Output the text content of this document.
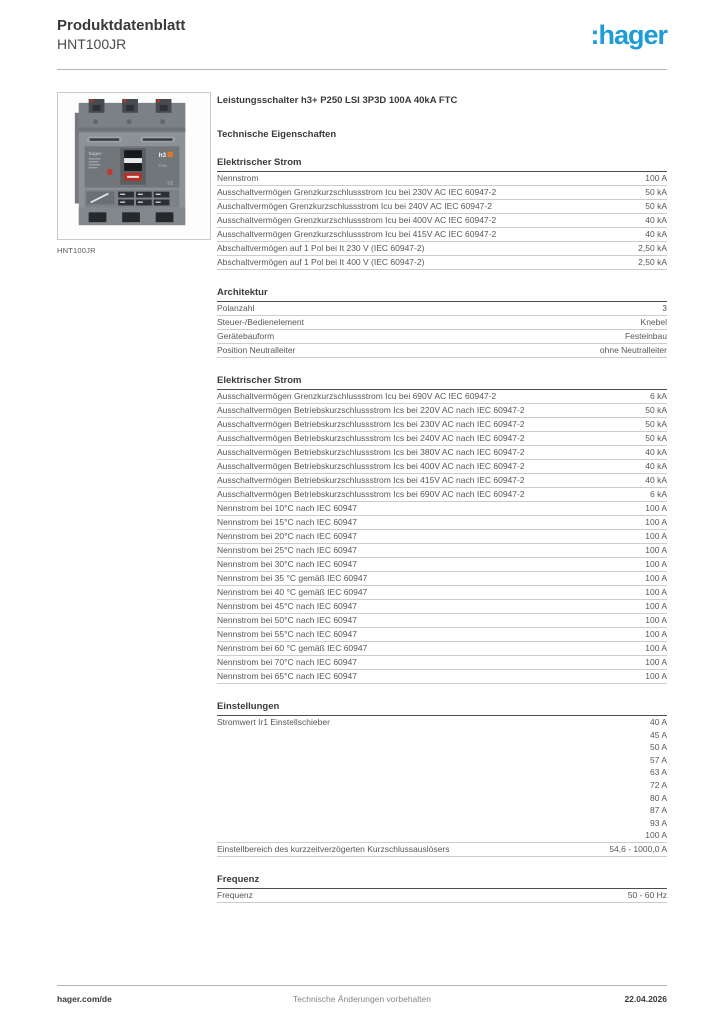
Produktdatenblatt
HNT100JR	:hager
hager	h3
P250
CE
HNT100JR
Leistungsschalter h3+ P250 LSI 3P3D 100A 40kA FTC
Technische Eigenschaften
Elektrischer Strom
Nennstrom	100 A
Ausschaltvermögen Grenzkurzschlussstrom Icu bei 230V AC IEC 60947-2	50 kA
Auschaltvermögen Grenzkurzschlussstrom Icu bei 240V AC IEC 60947-2	50 kA
Ausschaltvermögen Grenzkurzschlussstrom Icu bei 400V AC IEC 60947-2	40 kA
Ausschaltvermögen Grenzkurzschlussstrom Icu bei 415V AC IEC 60947-2	40 kA
Abschaltvermögen auf 1 Pol bei It 230 V (IEC 60947-2)	2,50 kA
Abschaltvermögen auf 1 Pol bei It 400 V (IEC 60947-2)	2,50 kA
Architektur
Polanzahl	3
Steuer-/Bedienelement	Knebel
Gerätebauform	Festeinbau
Position Neutralleiter	ohne Neutralleiter
Elektrischer Strom
Ausschaltvermögen Grenzkurzschlussstrom Icu bei 690V AC IEC 60947-2	6 kA
Ausschaltvermögen Betriebskurzschlussstrom Ics bei 220V AC nach IEC 60947-2	50 kA
Ausschaltvermögen Betriebskurzschlussstrom Ics bei 230V AC nach IEC 60947-2	50 kA
Ausschaltvermögen Betriebskurzschlussstrom Ics bei 240V AC nach IEC 60947-2	50 kA
Ausschaltvermögen Betriebskurzschlussstrom Ics bei 380V AC nach IEC 60947-2	40 kA
Ausschaltvermögen Betriebskurzschlussstrom Ics bei 400V AC nach IEC 60947-2	40 kA
Ausschaltvermögen Betriebskurzschlussstrom Ics bei 415V AC nach IEC 60947-2	40 kA
Ausschaltvermögen Betriebskurzschlussstrom Ics bei 690V AC nach IEC 60947-2	6 kA
Nennstrom bei 10°C nach IEC 60947	100 A
Nennstrom bei 15°C nach IEC 60947	100 A
Nennstrom bei 20°C nach IEC 60947	100 A
Nennstrom bei 25°C nach IEC 60947	100 A
Nennstrom bei 30°C nach IEC 60947	100 A
Nennstrom bei 35 °C gemäß IEC 60947	100 A
Nennstrom bei 40 °C gemäß IEC 60947	100 A
Nennstrom bei 45°C nach IEC 60947	100 A
Nennstrom bei 50°C nach IEC 60947	100 A
Nennstrom bei 55°C nach IEC 60947	100 A
Nennstrom bei 60 °C gemäß IEC 60947	100 A
Nennstrom bei 70°C nach IEC 60947	100 A
Nennstrom bei 65°C nach IEC 60947	100 A
Einstellungen
Stromwert Ir1 Einstellschieber	40 A
45 A
50 A
57 A
63 A
72 A
80 A
87 A
93 A
100 A
Einstellbereich des kurzzeitverzögerten Kurzschlussauslösers	54,6 - 1000,0 A
Frequenz
Frequenz	50 - 60 Hz
hager.com/de	Technische Änderungen vorbehalten	22.04.2026
